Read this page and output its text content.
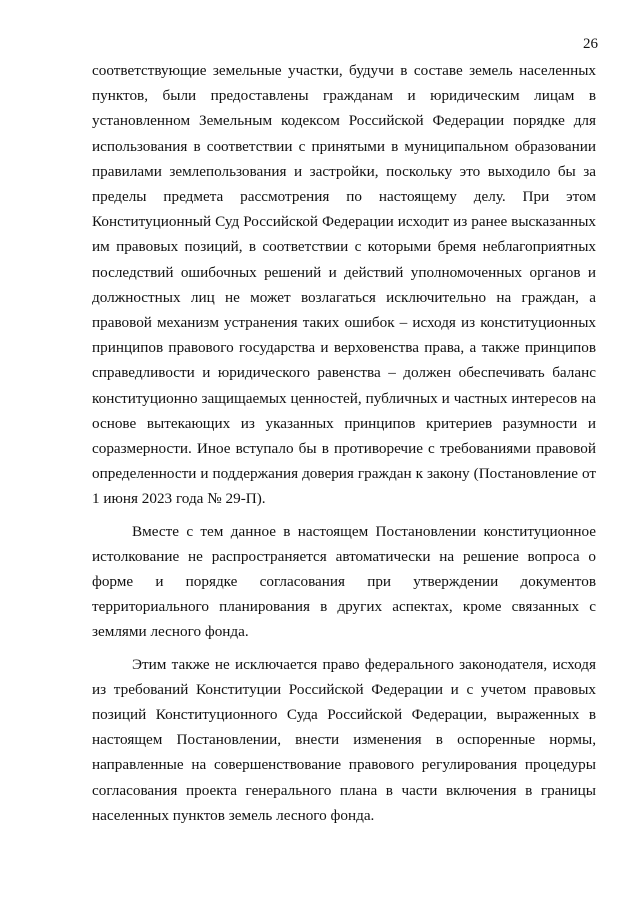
26

соответствующие земельные участки, будучи в составе земель населенных пунктов, были предоставлены гражданам и юридическим лицам в установленном Земельным кодексом Российской Федерации порядке для использования в соответствии с принятыми в муниципальном образовании правилами землепользования и застройки, поскольку это выходило бы за пределы предмета рассмотрения по настоящему делу. При этом Конституционный Суд Российской Федерации исходит из ранее высказанных им правовых позиций, в соответствии с которыми бремя неблагоприятных последствий ошибочных решений и действий уполномоченных органов и должностных лиц не может возлагаться исключительно на граждан, а правовой механизм устранения таких ошибок – исходя из конституционных принципов правового государства и верховенства права, а также принципов справедливости и юридического равенства – должен обеспечивать баланс конституционно защищаемых ценностей, публичных и частных интересов на основе вытекающих из указанных принципов критериев разумности и соразмерности. Иное вступало бы в противоречие с требованиями правовой определенности и поддержания доверия граждан к закону (Постановление от 1 июня 2023 года № 29-П).

Вместе с тем данное в настоящем Постановлении конституционное истолкование не распространяется автоматически на решение вопроса о форме и порядке согласования при утверждении документов территориального планирования в других аспектах, кроме связанных с землями лесного фонда.

Этим также не исключается право федерального законодателя, исходя из требований Конституции Российской Федерации и с учетом правовых позиций Конституционного Суда Российской Федерации, выраженных в настоящем Постановлении, внести изменения в оспоренные нормы, направленные на совершенствование правового регулирования процедуры согласования проекта генерального плана в части включения в границы населенных пунктов земель лесного фонда.
